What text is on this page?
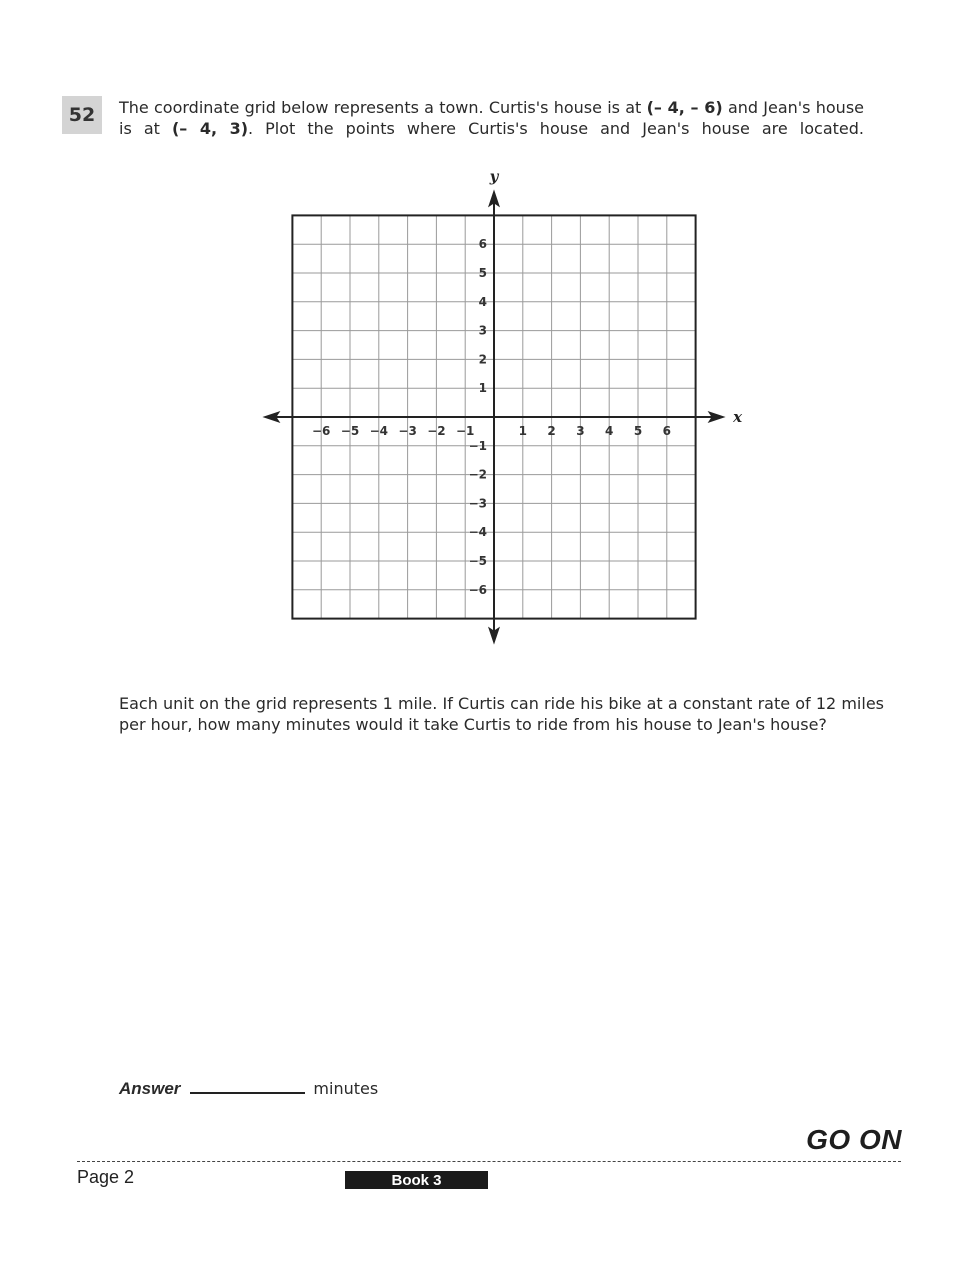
52	The coordinate grid below represents a town. Curtis's house is at (– 4, – 6) and Jean's house is at (– 4, 3). Plot the points where Curtis's house and Jean's house are located.
x
y
−6 −5 −4 −3 −2 −1	1 2 3 4 5 6
6
5
4
3
2
1
−1
−2
−3
−4
−5
−6
Each unit on the grid represents 1 mile. If Curtis can ride his bike at a constant rate of 12 miles per hour, how many minutes would it take Curtis to ride from his house to Jean's house?
Answer	minutes
GO ON
Page 2	Book 3
